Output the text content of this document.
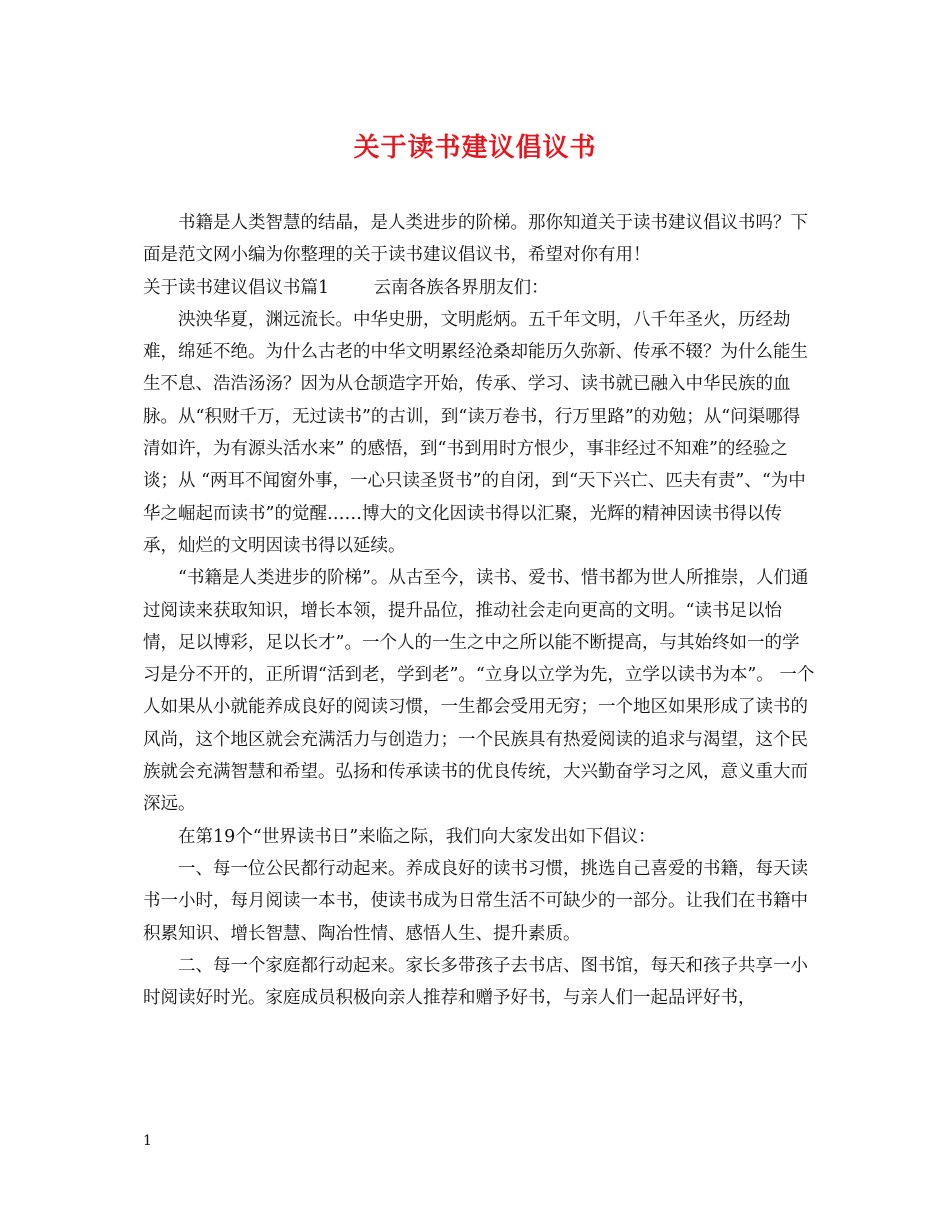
关于读书建议倡议书

书籍是人类智慧的结晶，是人类进步的阶梯。那你知道关于读书建议倡议书吗？下面是范文网小编为你整理的关于读书建议倡议书，希望对你有用！

关于读书建议倡议书篇1	云南各族各界朋友们：

泱泱华夏，渊远流长。中华史册，文明彪炳。五千年文明，八千年圣火，历经劫难，绵延不绝。为什么古老的中华文明累经沧桑却能历久弥新、传承不辍？为什么能生生不息、浩浩汤汤？因为从仓颉造字开始，传承、学习、读书就已融入中华民族的血脉。从“积财千万，无过读书”的古训，到“读万卷书，行万里路”的劝勉；从“问渠哪得清如许，为有源头活水来” 的感悟，到“书到用时方恨少，事非经过不知难”的经验之谈；从 “两耳不闻窗外事，一心只读圣贤书”的自闭，到“天下兴亡、匹夫有责”、“为中华之崛起而读书”的觉醒……博大的文化因读书得以汇聚，光辉的精神因读书得以传承，灿烂的文明因读书得以延续。

“书籍是人类进步的阶梯”。从古至今，读书、爱书、惜书都为世人所推崇，人们通过阅读来获取知识，增长本领，提升品位，推动社会走向更高的文明。“读书足以怡情，足以博彩，足以长才”。一个人的一生之中之所以能不断提高，与其始终如一的学习是分不开的，正所谓“活到老，学到老”。“立身以立学为先，立学以读书为本”。 一个人如果从小就能养成良好的阅读习惯，一生都会受用无穷；一个地区如果形成了读书的风尚，这个地区就会充满活力与创造力；一个民族具有热爱阅读的追求与渴望，这个民族就会充满智慧和希望。弘扬和传承读书的优良传统，大兴勤奋学习之风，意义重大而深远。

在第19个“世界读书日”来临之际，我们向大家发出如下倡议：

一、每一位公民都行动起来。养成良好的读书习惯，挑选自己喜爱的书籍，每天读书一小时，每月阅读一本书，使读书成为日常生活不可缺少的一部分。让我们在书籍中积累知识、增长智慧、陶冶性情、感悟人生、提升素质。

二、每一个家庭都行动起来。家长多带孩子去书店、图书馆，每天和孩子共享一小时阅读好时光。家庭成员积极向亲人推荐和赠予好书，与亲人们一起品评好书，

1
